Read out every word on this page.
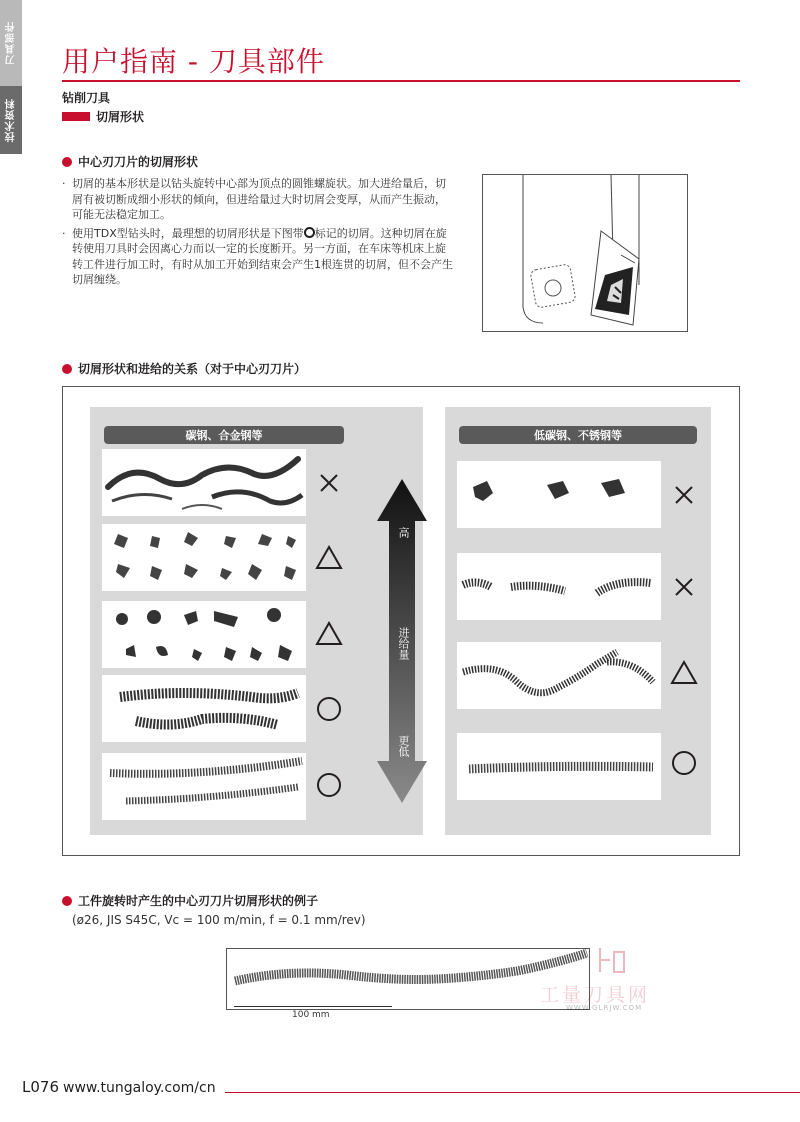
刀具部件
技术资料
用户指南 - 刀具部件
钻削刀具
切屑形状
中心刃刀片的切屑形状
· 切屑的基本形状是以钻头旋转中心部为顶点的圆锥螺旋状。加大进给量后，切屑有被切断成细小形状的倾向，但进给量过大时切屑会变厚，从而产生振动，可能无法稳定加工。
· 使用TDX型钻头时，最理想的切屑形状是下图带○标记的切屑。这种切屑在旋转使用刀具时会因离心力而以一定的长度断开。另一方面，在车床等机床上旋转工件进行加工时，有时从加工开始到结束会产生1根连贯的切屑，但不会产生切屑缠绕。
切屑形状和进给的关系（对于中心刃刀片）
碳钢、合金钢等
高
进给量
更低
低碳钢、不锈钢等
工件旋转时产生的中心刃刀片切屑形状的例子
(ø26, JIS S45C, Vc = 100 m/min, f = 0.1 mm/rev)
100 mm
工量刀具网
WWW.GLRJW.COM
L076 www.tungaloy.com/cn
